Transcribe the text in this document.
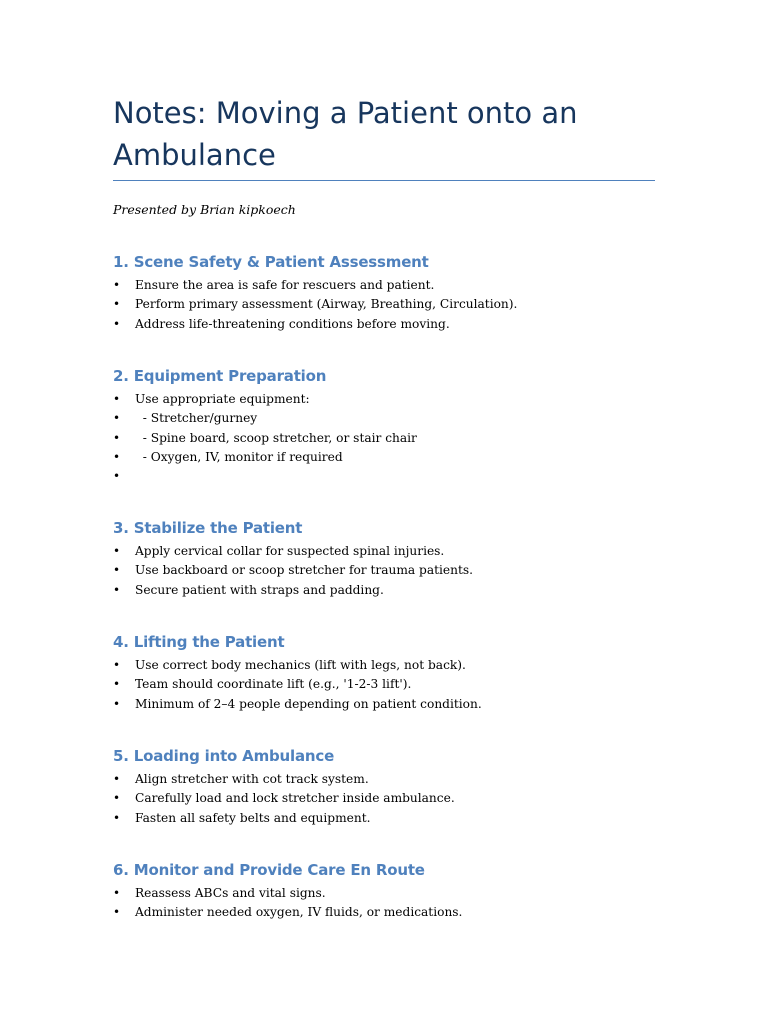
Notes: Moving a Patient onto an Ambulance
Presented by Brian kipkoech
1. Scene Safety & Patient Assessment
• Ensure the area is safe for rescuers and patient.
• Perform primary assessment (Airway, Breathing, Circulation).
• Address life-threatening conditions before moving.
2. Equipment Preparation
• Use appropriate equipment:
• - Stretcher/gurney
• - Spine board, scoop stretcher, or stair chair
• - Oxygen, IV, monitor if required
•
3. Stabilize the Patient
• Apply cervical collar for suspected spinal injuries.
• Use backboard or scoop stretcher for trauma patients.
• Secure patient with straps and padding.
4. Lifting the Patient
• Use correct body mechanics (lift with legs, not back).
• Team should coordinate lift (e.g., '1-2-3 lift').
• Minimum of 2–4 people depending on patient condition.
5. Loading into Ambulance
• Align stretcher with cot track system.
• Carefully load and lock stretcher inside ambulance.
• Fasten all safety belts and equipment.
6. Monitor and Provide Care En Route
• Reassess ABCs and vital signs.
• Administer needed oxygen, IV fluids, or medications.
